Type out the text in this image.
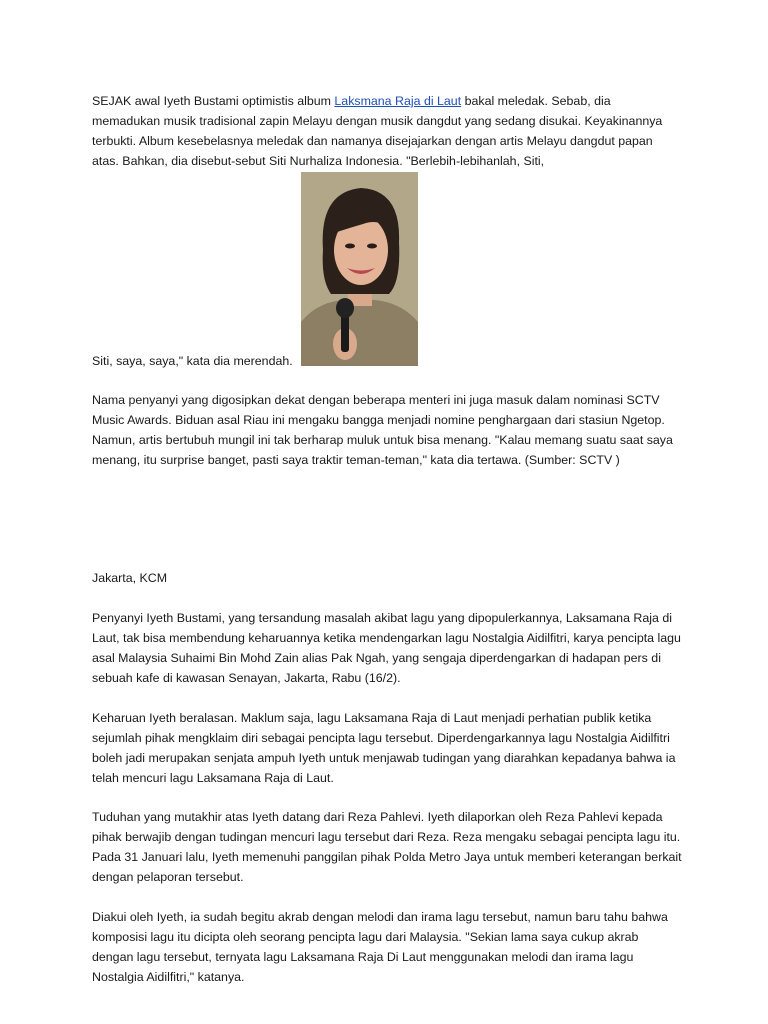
SEJAK awal Iyeth Bustami optimistis album Laksmana Raja di Laut bakal meledak. Sebab, dia memadukan musik tradisional zapin Melayu dengan musik dangdut yang sedang disukai. Keyakinannya terbukti. Album kesebelasnya meledak dan namanya disejajarkan dengan artis Melayu dangdut papan atas. Bahkan, dia disebut-sebut Siti Nurhaliza Indonesia. "Berlebih-lebihanlah, Siti,

Siti, saya, saya," kata dia merendah.

Nama penyanyi yang digosipkan dekat dengan beberapa menteri ini juga masuk dalam nominasi SCTV Music Awards. Biduan asal Riau ini mengaku bangga menjadi nomine penghargaan dari stasiun Ngetop. Namun, artis bertubuh mungil ini tak berharap muluk untuk bisa menang. "Kalau memang suatu saat saya menang, itu surprise banget, pasti saya traktir teman-teman," kata dia tertawa. (Sumber: SCTV )

Jakarta, KCM

Penyanyi Iyeth Bustami, yang tersandung masalah akibat lagu yang dipopulerkannya, Laksamana Raja di Laut, tak bisa membendung keharuannya ketika mendengarkan lagu Nostalgia Aidilfitri, karya pencipta lagu asal Malaysia Suhaimi Bin Mohd Zain alias Pak Ngah, yang sengaja diperdengarkan di hadapan pers di sebuah kafe di kawasan Senayan, Jakarta, Rabu (16/2).

Keharuan Iyeth beralasan. Maklum saja, lagu Laksamana Raja di Laut menjadi perhatian publik ketika sejumlah pihak mengklaim diri sebagai pencipta lagu tersebut. Diperdengarkannya lagu Nostalgia Aidilfitri boleh jadi merupakan senjata ampuh Iyeth untuk menjawab tudingan yang diarahkan kepadanya bahwa ia telah mencuri lagu Laksamana Raja di Laut.

Tuduhan yang mutakhir atas Iyeth datang dari Reza Pahlevi. Iyeth dilaporkan oleh Reza Pahlevi kepada pihak berwajib dengan tudingan mencuri lagu tersebut dari Reza. Reza mengaku sebagai pencipta lagu itu. Pada 31 Januari lalu, Iyeth memenuhi panggilan pihak Polda Metro Jaya untuk memberi keterangan berkait dengan pelaporan tersebut.

Diakui oleh Iyeth, ia sudah begitu akrab dengan melodi dan irama lagu tersebut, namun baru tahu bahwa komposisi lagu itu dicipta oleh seorang pencipta lagu dari Malaysia. "Sekian lama saya cukup akrab dengan lagu tersebut, ternyata lagu Laksamana Raja Di Laut menggunakan melodi dan irama lagu Nostalgia Aidilfitri," katanya.
